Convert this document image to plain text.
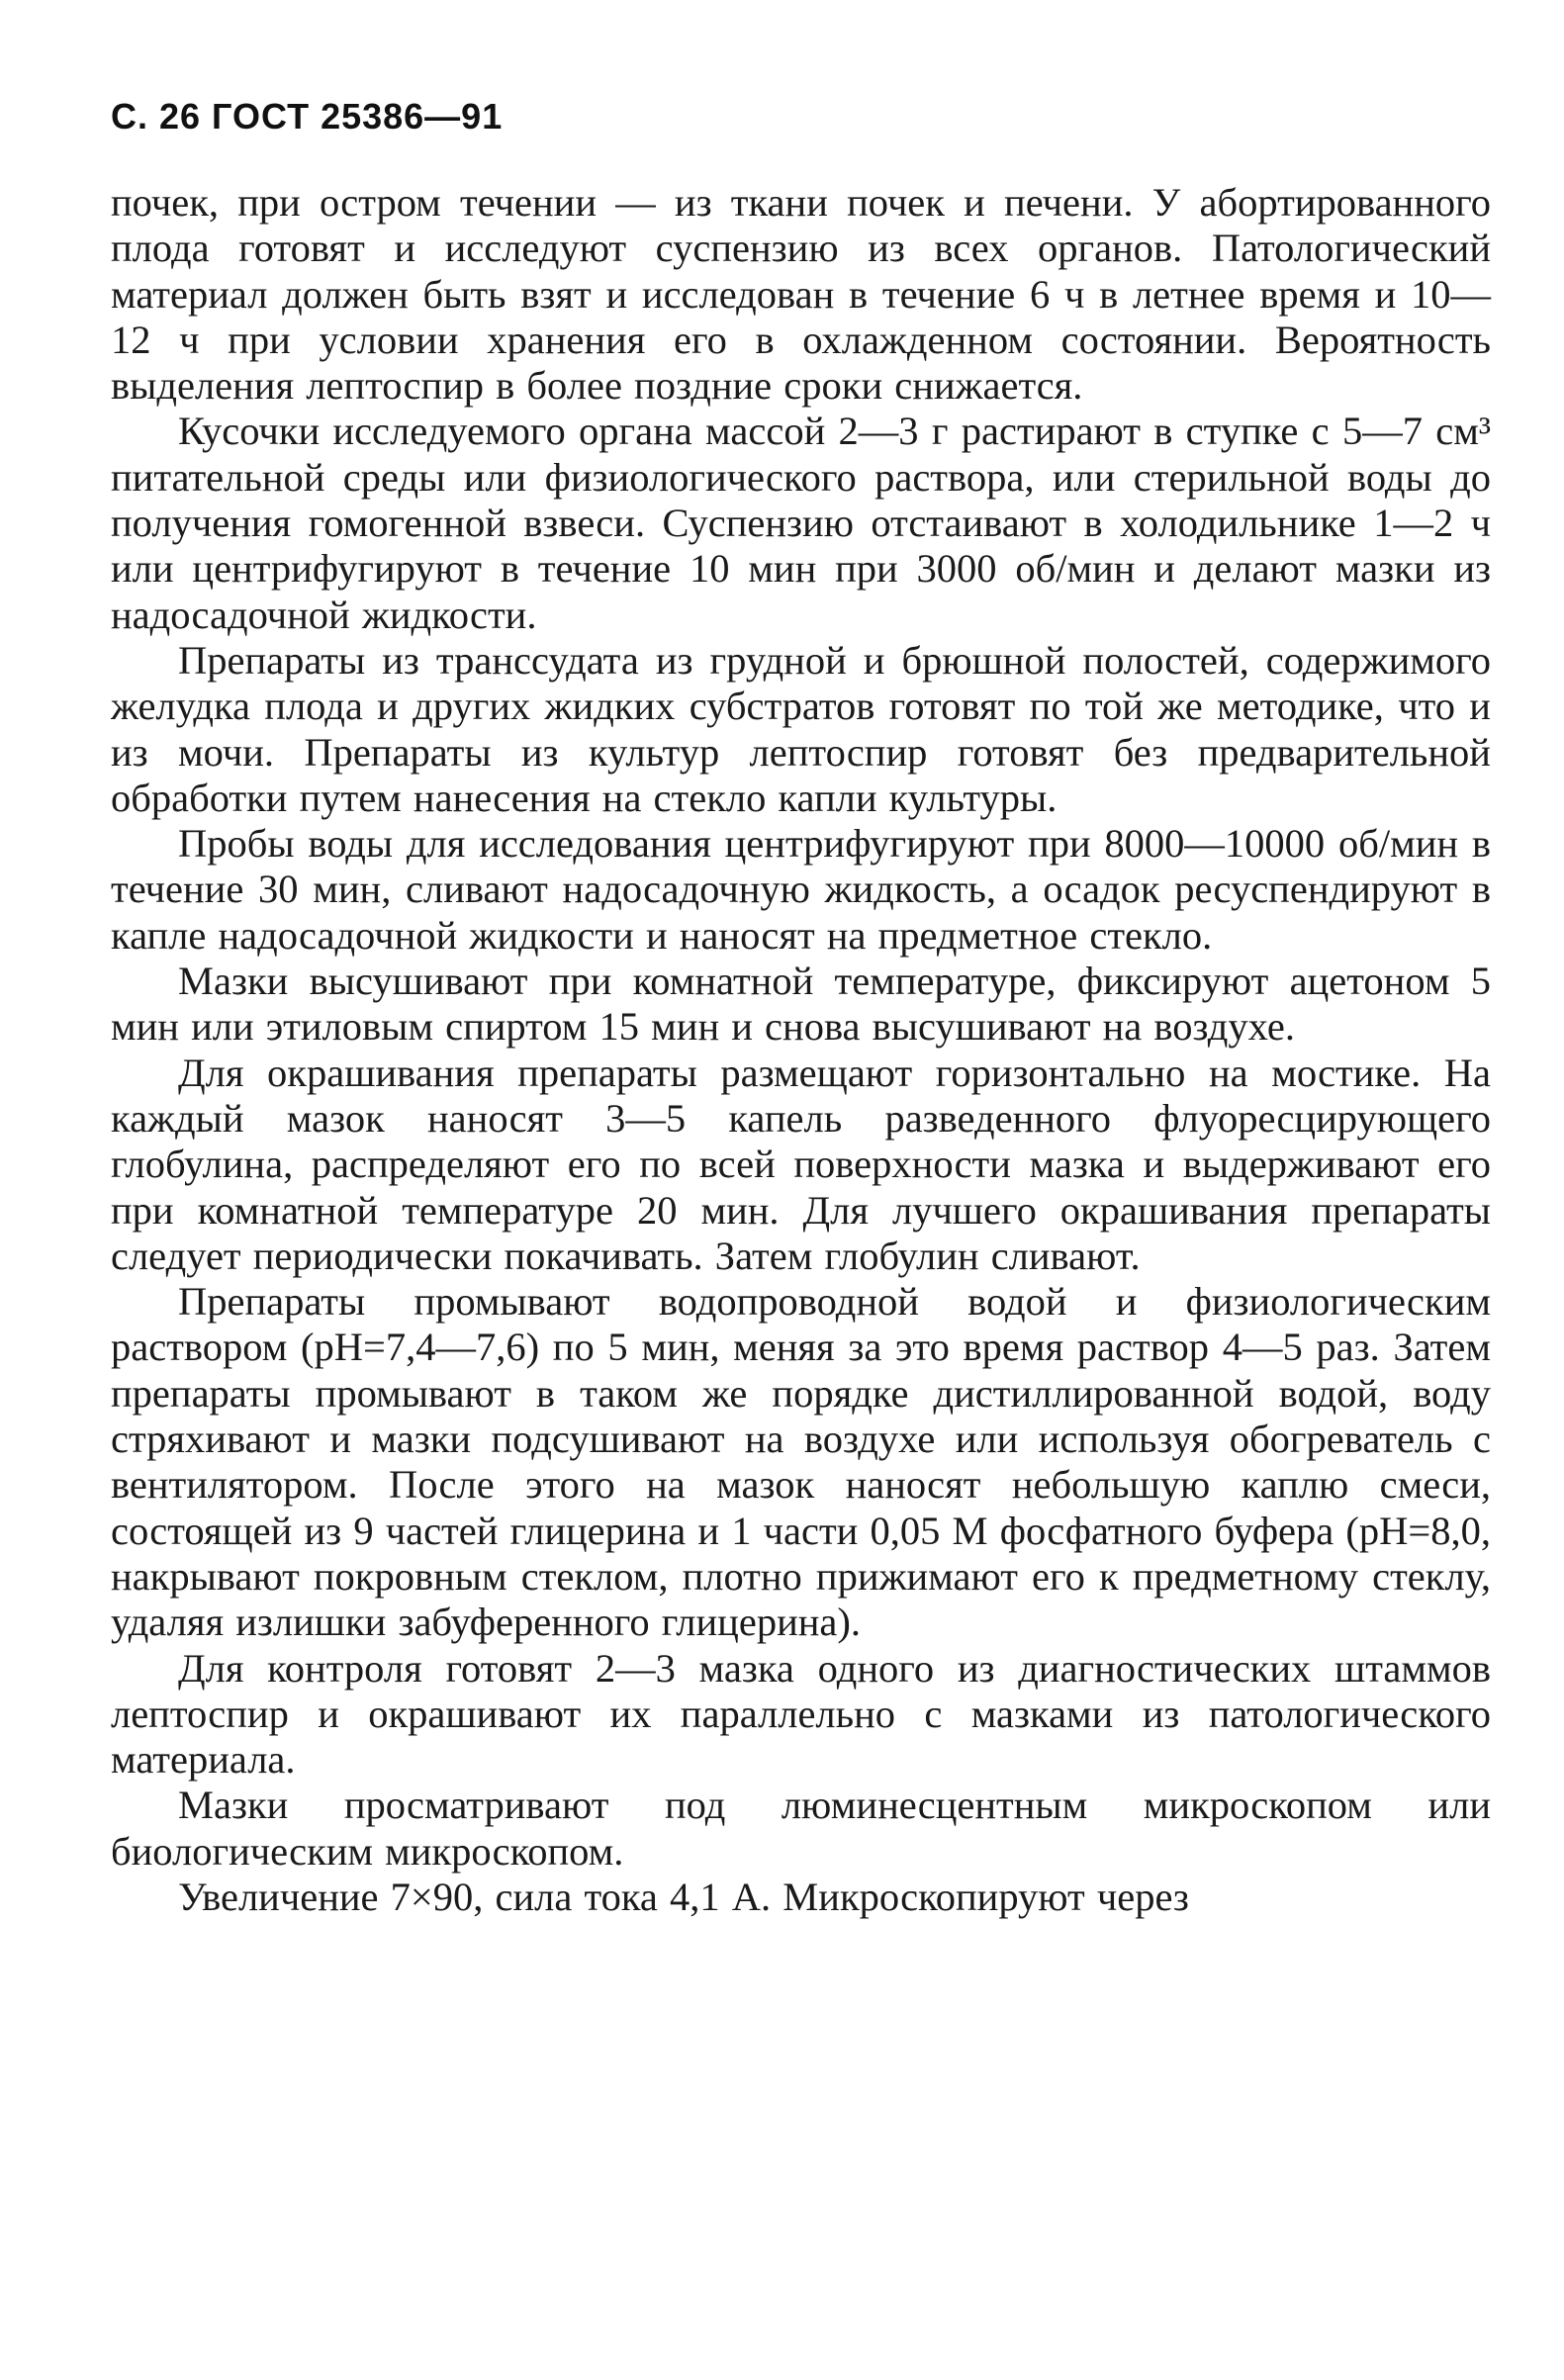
С. 26 ГОСТ 25386—91

почек, при остром течении — из ткани почек и печени. У абортированного плода готовят и исследуют суспензию из всех органов. Патологический материал должен быть взят и исследован в течение 6 ч в летнее время и 10—12 ч при условии хранения его в охлажденном состоянии. Вероятность выделения лептоспир в более поздние сроки снижается.

Кусочки исследуемого органа массой 2—3 г растирают в ступке с 5—7 см³ питательной среды или физиологического раствора, или стерильной воды до получения гомогенной взвеси. Суспензию отстаивают в холодильнике 1—2 ч или центрифугируют в течение 10 мин при 3000 об/мин и делают мазки из надосадочной жидкости.

Препараты из транссудата из грудной и брюшной полостей, содержимого желудка плода и других жидких субстратов готовят по той же методике, что и из мочи. Препараты из культур лептоспир готовят без предварительной обработки путем нанесения на стекло капли культуры.

Пробы воды для исследования центрифугируют при 8000—10000 об/мин в течение 30 мин, сливают надосадочную жидкость, а осадок ресуспендируют в капле надосадочной жидкости и наносят на предметное стекло.

Мазки высушивают при комнатной температуре, фиксируют ацетоном 5 мин или этиловым спиртом 15 мин и снова высушивают на воздухе.

Для окрашивания препараты размещают горизонтально на мостике. На каждый мазок наносят 3—5 капель разведенного флуоресцирующего глобулина, распределяют его по всей поверхности мазка и выдерживают его при комнатной температуре 20 мин. Для лучшего окрашивания препараты следует периодически покачивать. Затем глобулин сливают.

Препараты промывают водопроводной водой и физиологическим раствором (pH=7,4—7,6) по 5 мин, меняя за это время раствор 4—5 раз. Затем препараты промывают в таком же порядке дистиллированной водой, воду стряхивают и мазки подсушивают на воздухе или используя обогреватель с вентилятором. После этого на мазок наносят небольшую каплю смеси, состоящей из 9 частей глицерина и 1 части 0,05 М фосфатного буфера (pH=8,0, накрывают покровным стеклом, плотно прижимают его к предметному стеклу, удаляя излишки забуференного глицерина).

Для контроля готовят 2—3 мазка одного из диагностических штаммов лептоспир и окрашивают их параллельно с мазками из патологического материала.

Мазки просматривают под люминесцентным микроскопом или биологическим микроскопом.

Увеличение 7×90, сила тока 4,1 А. Микроскопируют через
